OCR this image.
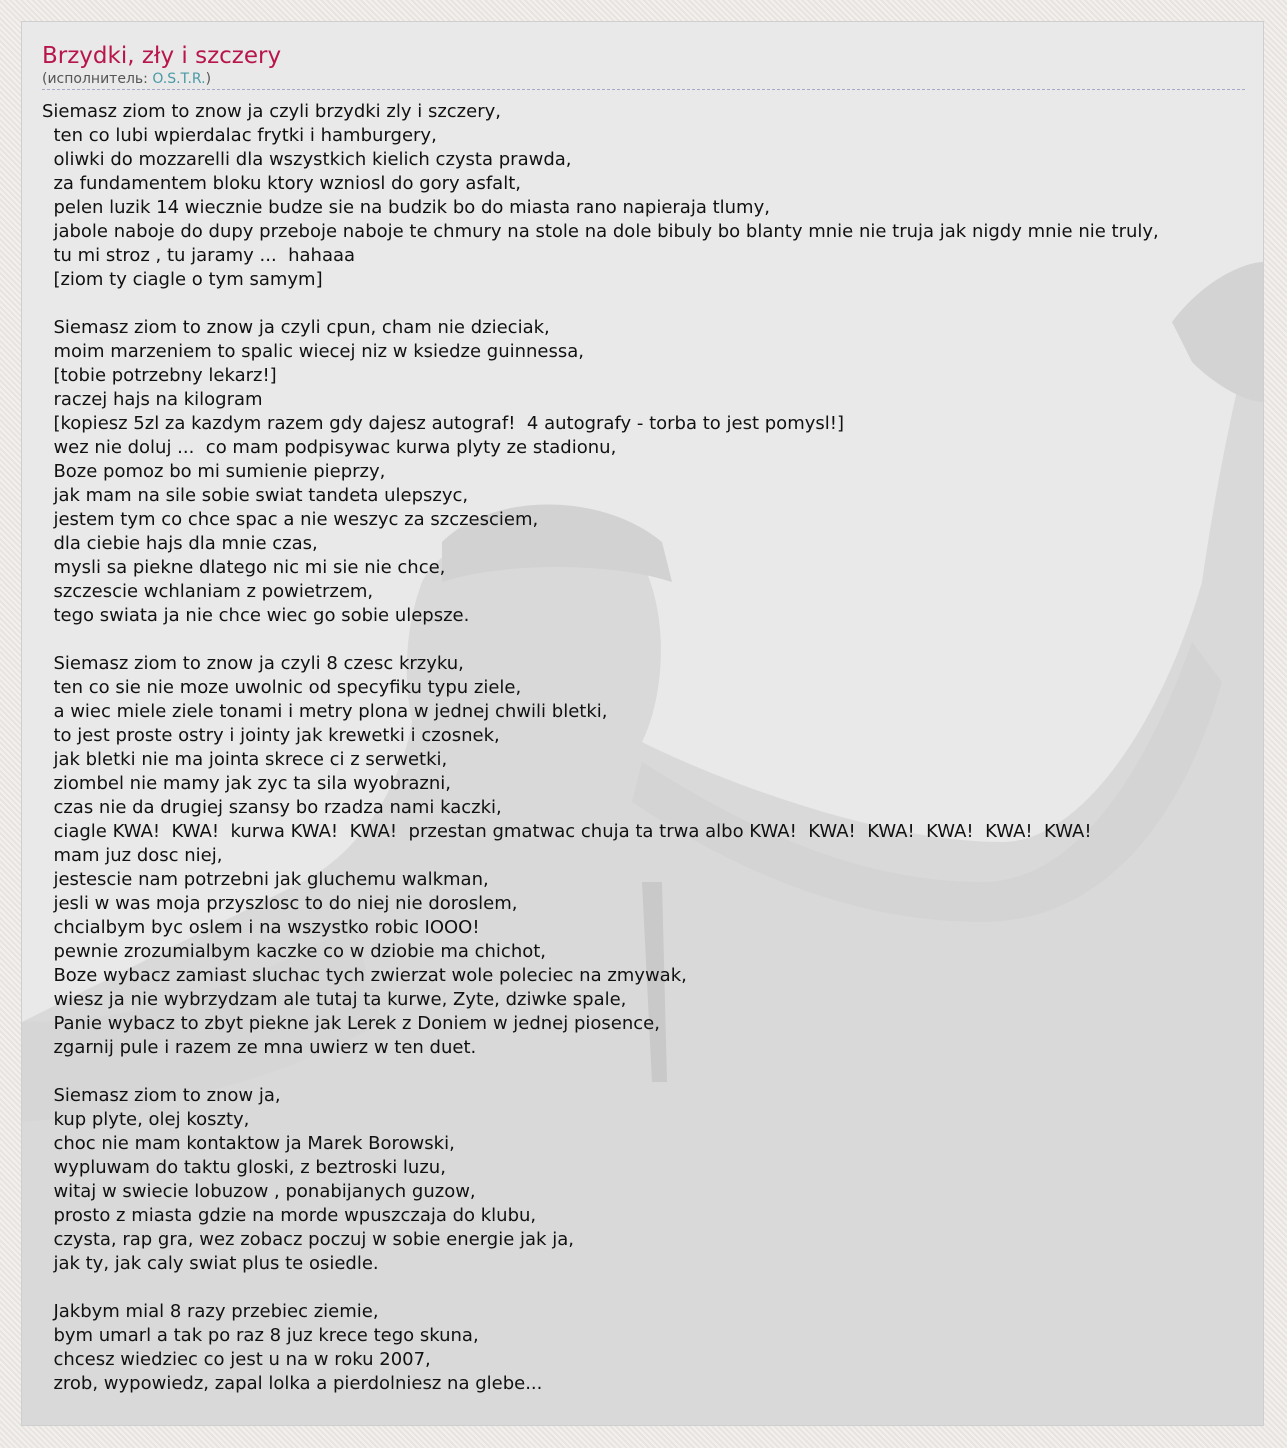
Brzydki, zły i szczery
(исполнитель: O.S.T.R.)
Siemasz ziom to znow ja czyli brzydki zly i szczery,
ten co lubi wpierdalac frytki i hamburgery,
oliwki do mozzarelli dla wszystkich kielich czysta prawda,
za fundamentem bloku ktory wzniosl do gory asfalt,
pelen luzik 14 wiecznie budze sie na budzik bo do miasta rano napieraja tlumy,
jabole naboje do dupy przeboje naboje te chmury na stole na dole bibuly bo blanty mnie nie truja jak nigdy mnie nie truly,
tu mi stroz , tu jaramy ...  hahaaa
[ziom ty ciagle o tym samym]
Siemasz ziom to znow ja czyli cpun, cham nie dzieciak,
moim marzeniem to spalic wiecej niz w ksiedze guinnessa,
[tobie potrzebny lekarz!]
raczej hajs na kilogram
[kopiesz 5zl za kazdym razem gdy dajesz autograf!  4 autografy - torba to jest pomysl!]
wez nie doluj ...  co mam podpisywac kurwa plyty ze stadionu,
Boze pomoz bo mi sumienie pieprzy,
jak mam na sile sobie swiat tandeta ulepszyc,
jestem tym co chce spac a nie weszyc za szczesciem,
dla ciebie hajs dla mnie czas,
mysli sa piekne dlatego nic mi sie nie chce,
szczescie wchlaniam z powietrzem,
tego swiata ja nie chce wiec go sobie ulepsze.
Siemasz ziom to znow ja czyli 8 czesc krzyku,
ten co sie nie moze uwolnic od specyfiku typu ziele,
a wiec miele ziele tonami i metry plona w jednej chwili bletki,
to jest proste ostry i jointy jak krewetki i czosnek,
jak bletki nie ma jointa skrece ci z serwetki,
ziombel nie mamy jak zyc ta sila wyobrazni,
czas nie da drugiej szansy bo rzadza nami kaczki,
ciagle KWA!  KWA!  kurwa KWA!  KWA!  przestan gmatwac chuja ta trwa albo KWA!  KWA!  KWA!  KWA!  KWA!  KWA!
mam juz dosc niej,
jestescie nam potrzebni jak gluchemu walkman,
jesli w was moja przyszlosc to do niej nie doroslem,
chcialbym byc oslem i na wszystko robic IOOO!
pewnie zrozumialbym kaczke co w dziobie ma chichot,
Boze wybacz zamiast sluchac tych zwierzat wole poleciec na zmywak,
wiesz ja nie wybrzydzam ale tutaj ta kurwe, Zyte, dziwke spale,
Panie wybacz to zbyt piekne jak Lerek z Doniem w jednej piosence,
zgarnij pule i razem ze mna uwierz w ten duet.
Siemasz ziom to znow ja,
kup plyte, olej koszty,
choc nie mam kontaktow ja Marek Borowski,
wypluwam do taktu gloski, z beztroski luzu,
witaj w swiecie lobuzow , ponabijanych guzow,
prosto z miasta gdzie na morde wpuszczaja do klubu,
czysta, rap gra, wez zobacz poczuj w sobie energie jak ja,
jak ty, jak caly swiat plus te osiedle.
Jakbym mial 8 razy przebiec ziemie,
bym umarl a tak po raz 8 juz krece tego skuna,
chcesz wiedziec co jest u na w roku 2007,
zrob, wypowiedz, zapal lolka a pierdolniesz na glebe...
